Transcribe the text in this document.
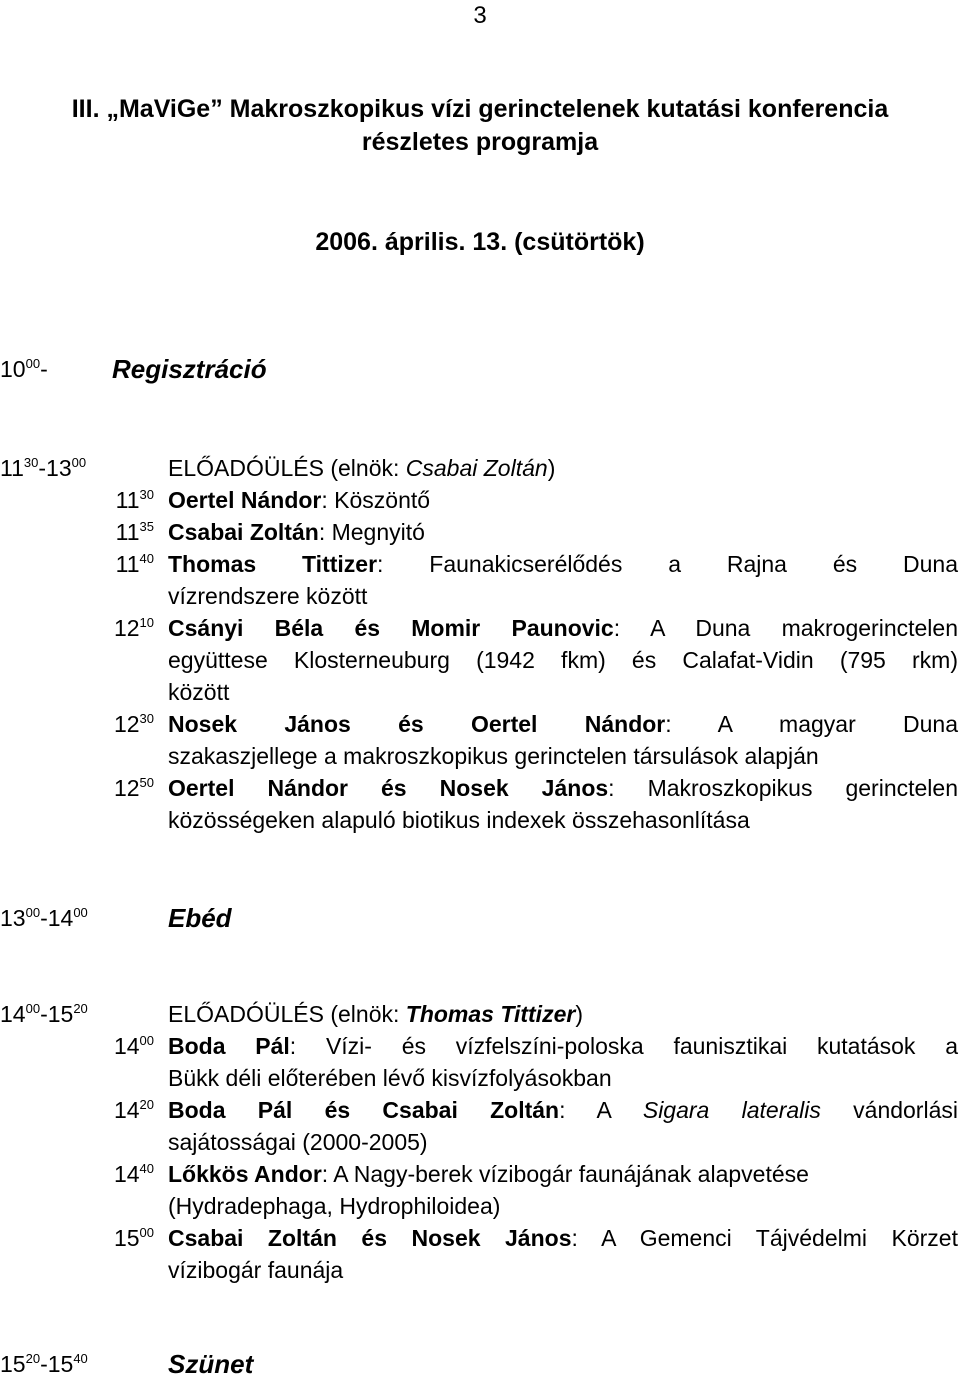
3
III. „MaViGe” Makroszkopikus vízi gerinctelenek kutatási konferencia
részletes programja
2006. április. 13. (csütörtök)
$10^{00}-$ Regisztráció
$11^{30}-13^{00}$	ELŐADÓÜLÉS (elnök: Csabai Zoltán)
$11^{30}$ Oertel Nándor: Köszöntő
$11^{35}$ Csabai Zoltán: Megnyitó
$11^{40}$ Thomas Tittizer: Faunakicserélődés a Rajna és Duna
vízrendszere között
$12^{10}$ Csányi Béla és Momir Paunovic: A Duna makrogerinctelen
együttese Klosterneuburg (1942 fkm) és Calafat-Vidin (795 rkm)
között
$12^{30}$ Nosek János és Oertel Nándor: A magyar Duna
szakaszjellege a makroszkopikus gerinctelen társulások alapján
$12^{50}$ Oertel Nándor és Nosek János: Makroszkopikus gerinctelen
közösségeken alapuló biotikus indexek összehasonlítása
$13^{00}-14^{00}$	Ebéd
$14^{00}-15^{20}$	ELŐADÓÜLÉS (elnök: Thomas Tittizer)
$14^{00}$ Boda Pál: Vízi- és vízfelszíni-poloska faunisztikai kutatások a
Bükk déli előterében lévő kisvízfolyásokban
$14^{20}$ Boda Pál és Csabai Zoltán: A Sigara lateralis vándorlási
sajátosságai (2000-2005)
$14^{40}$ Lőkkös Andor: A Nagy-berek vízibogár faunájának alapvetése
(Hydradephaga, Hydrophiloidea)
$15^{00}$ Csabai Zoltán és Nosek János: A Gemenci Tájvédelmi Körzet
vízibogár faunája
$15^{20}-15^{40}$	Szünet
